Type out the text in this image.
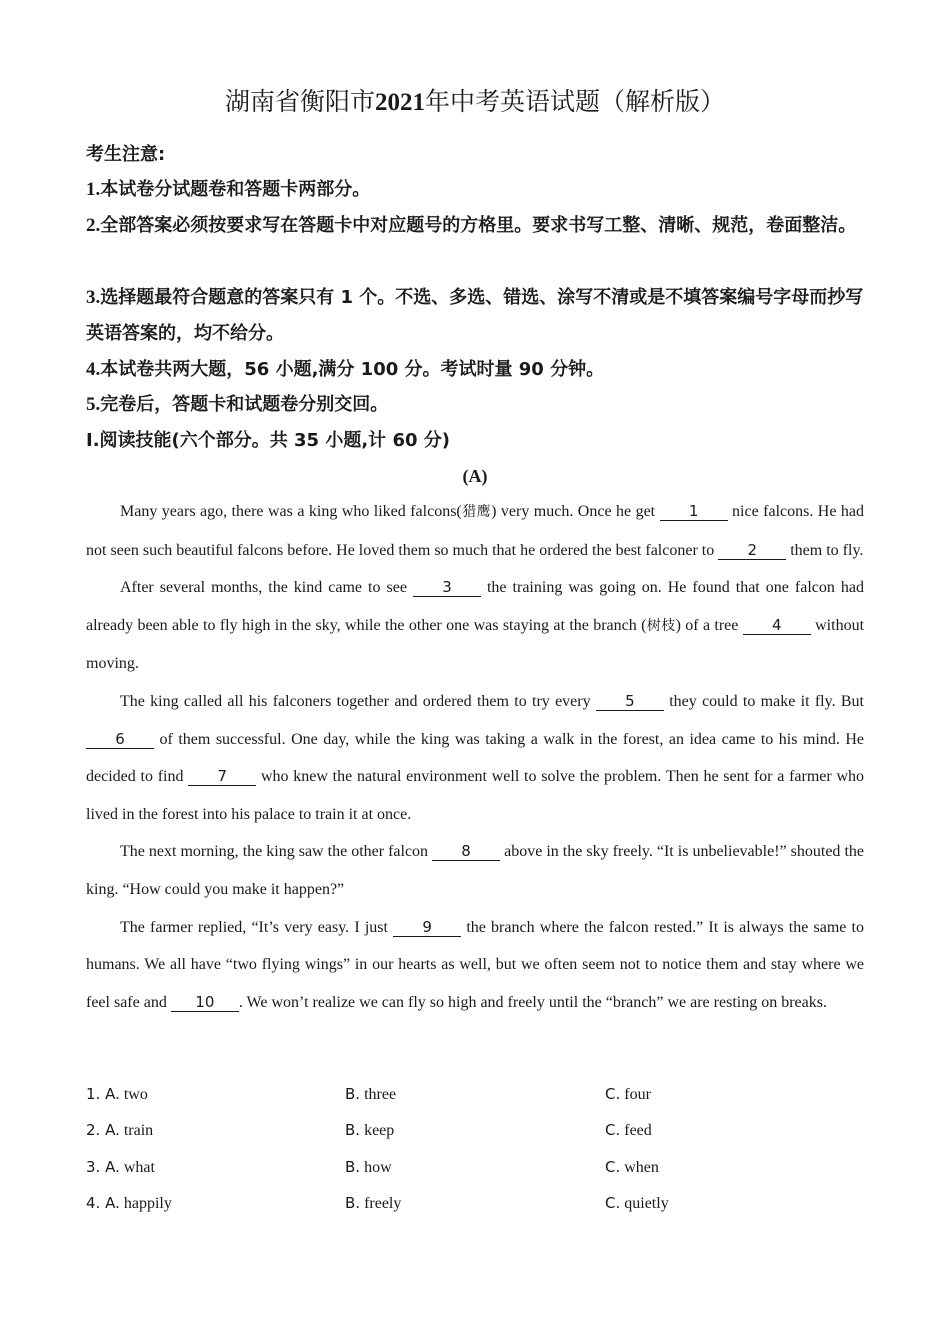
湖南省衡阳市2021年中考英语试题（解析版）
考生注意:
1.本试卷分试题卷和答题卡两部分。
2.全部答案必须按要求写在答题卡中对应题号的方格里。要求书写工整、清晰、规范，卷面整洁。
3.选择题最符合题意的答案只有 1 个。不选、多选、错选、涂写不清或是不填答案编号字母而抄写英语答案的，均不给分。
4.本试卷共两大题，56 小题,满分 100 分。考试时量 90 分钟。
5.完卷后，答题卡和试题卷分别交回。
I.阅读技能(六个部分。共 35 小题,计 60 分)
(A)

Many years ago, there was a king who liked falcons(猎鹰) very much. Once he get 1 nice falcons. He had not seen such beautiful falcons before. He loved them so much that he ordered the best falconer to 2 them to fly.

After several months, the kind came to see 3 the training was going on. He found that one falcon had already been able to fly high in the sky, while the other one was staying at the branch (树枝) of a tree 4 without moving.

The king called all his falconers together and ordered them to try every 5 they could to make it fly. But 6 of them successful. One day, while the king was taking a walk in the forest, an idea came to his mind. He decided to find 7 who knew the natural environment well to solve the problem. Then he sent for a farmer who lived in the forest into his palace to train it at once.

The next morning, the king saw the other falcon 8 above in the sky freely. “It is unbelievable!” shouted the king. “How could you make it happen?”

The farmer replied, “It’s very easy. I just 9 the branch where the falcon rested.” It is always the same to humans. We all have “two flying wings” in our hearts as well, but we often seem not to notice them and stay where we feel safe and 10 . We won’t realize we can fly so high and freely until the “branch” we are resting on breaks.

1. A. two	B. three	C. four
2. A. train	B. keep	C. feed
3. A. what	B. how	C. when
4. A. happily	B. freely	C. quietly
